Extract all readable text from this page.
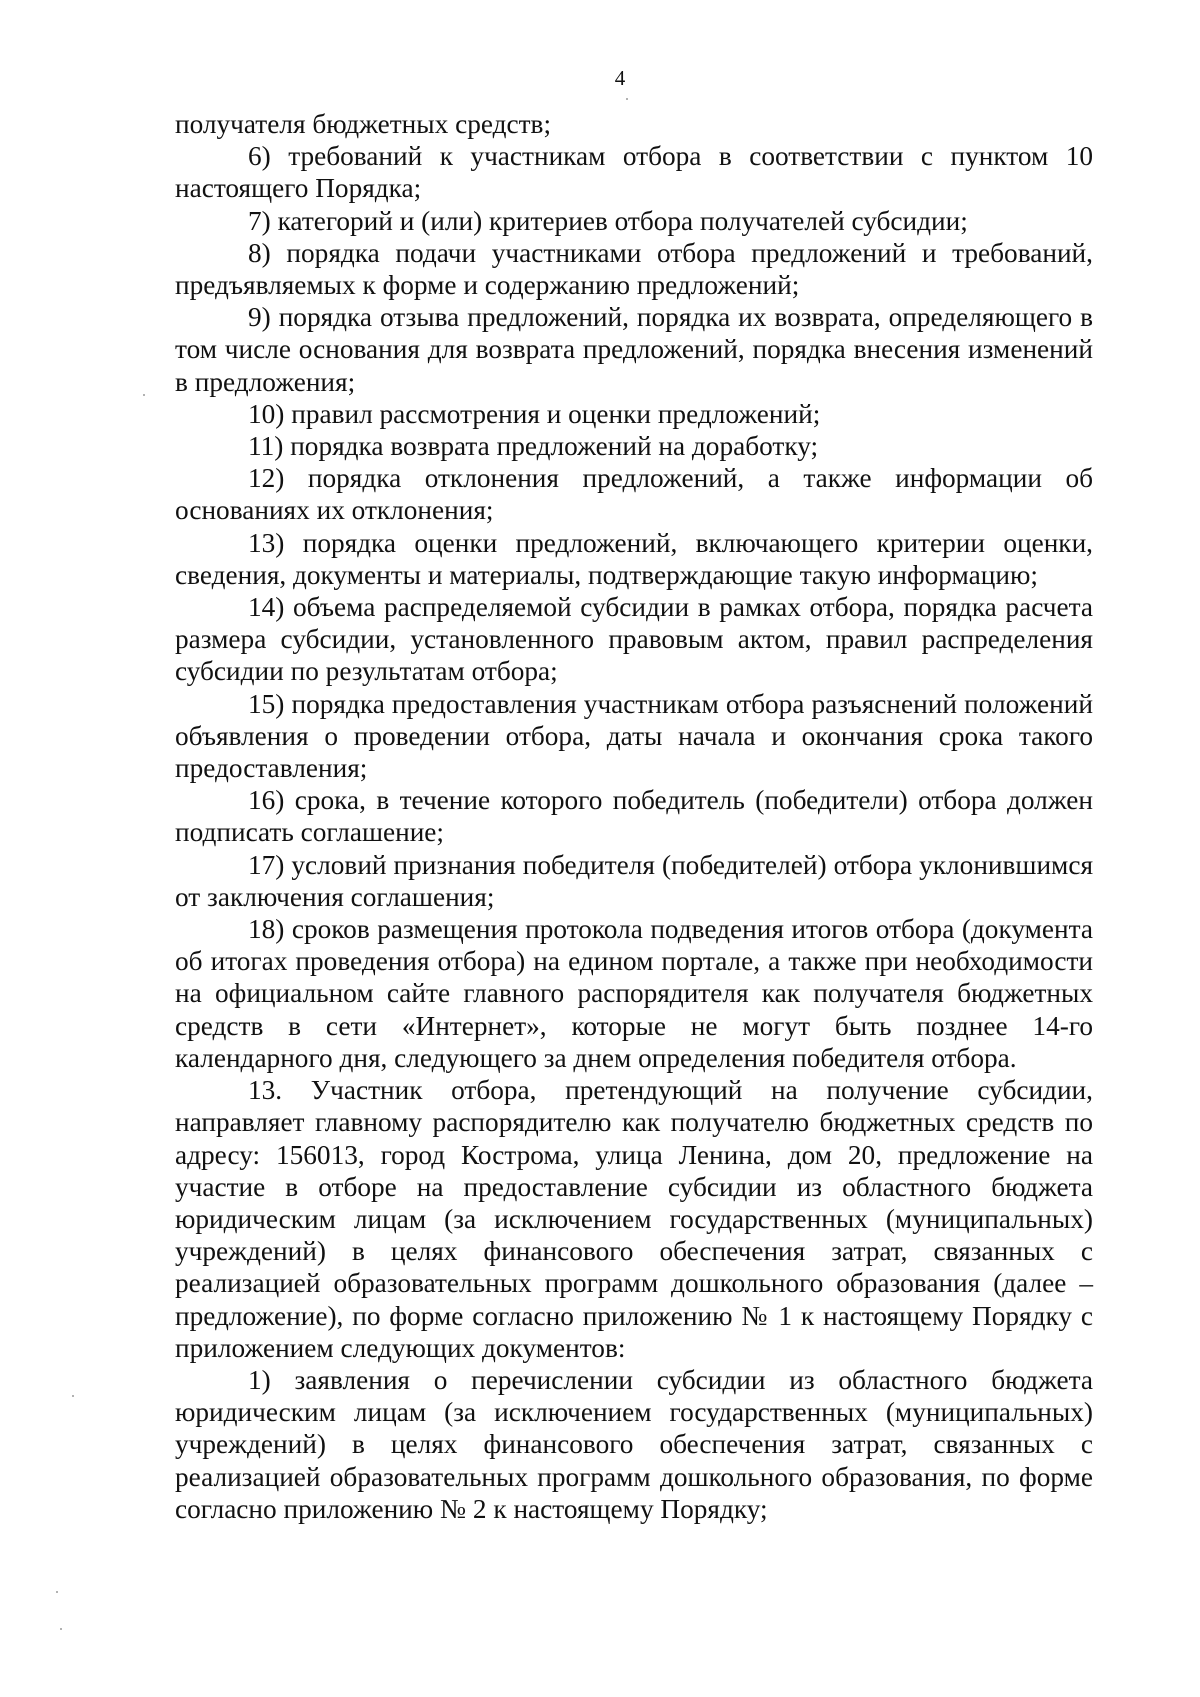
4

получателя бюджетных средств;

6) требований к участникам отбора в соответствии с пунктом 10 настоящего Порядка;

7) категорий и (или) критериев отбора получателей субсидии;

8) порядка подачи участниками отбора предложений и требований, предъявляемых к форме и содержанию предложений;

9) порядка отзыва предложений, порядка их возврата, определяющего в том числе основания для возврата предложений, порядка внесения изменений в предложения;

10) правил рассмотрения и оценки предложений;

11) порядка возврата предложений на доработку;

12) порядка отклонения предложений, а также информации об основаниях их отклонения;

13) порядка оценки предложений, включающего критерии оценки, сведения, документы и материалы, подтверждающие такую информацию;

14) объема распределяемой субсидии в рамках отбора, порядка расчета размера субсидии, установленного правовым актом, правил распределения субсидии по результатам отбора;

15) порядка предоставления участникам отбора разъяснений положений объявления о проведении отбора, даты начала и окончания срока такого предоставления;

16) срока, в течение которого победитель (победители) отбора должен подписать соглашение;

17) условий признания победителя (победителей) отбора уклонившимся от заключения соглашения;

18) сроков размещения протокола подведения итогов отбора (документа об итогах проведения отбора) на едином портале, а также при необходимости на официальном сайте главного распорядителя как получателя бюджетных средств в сети «Интернет», которые не могут быть позднее 14-го календарного дня, следующего за днем определения победителя отбора.

13. Участник отбора, претендующий на получение субсидии, направляет главному распорядителю как получателю бюджетных средств по адресу: 156013, город Кострома, улица Ленина, дом 20, предложение на участие в отборе на предоставление субсидии из областного бюджета юридическим лицам (за исключением государственных (муниципальных) учреждений) в целях финансового обеспечения затрат, связанных с реализацией образовательных программ дошкольного образования (далее – предложение), по форме согласно приложению № 1 к настоящему Порядку с приложением следующих документов:

1) заявления о перечислении субсидии из областного бюджета юридическим лицам (за исключением государственных (муниципальных) учреждений) в целях финансового обеспечения затрат, связанных с реализацией образовательных программ дошкольного образования, по форме согласно приложению № 2 к настоящему Порядку;
